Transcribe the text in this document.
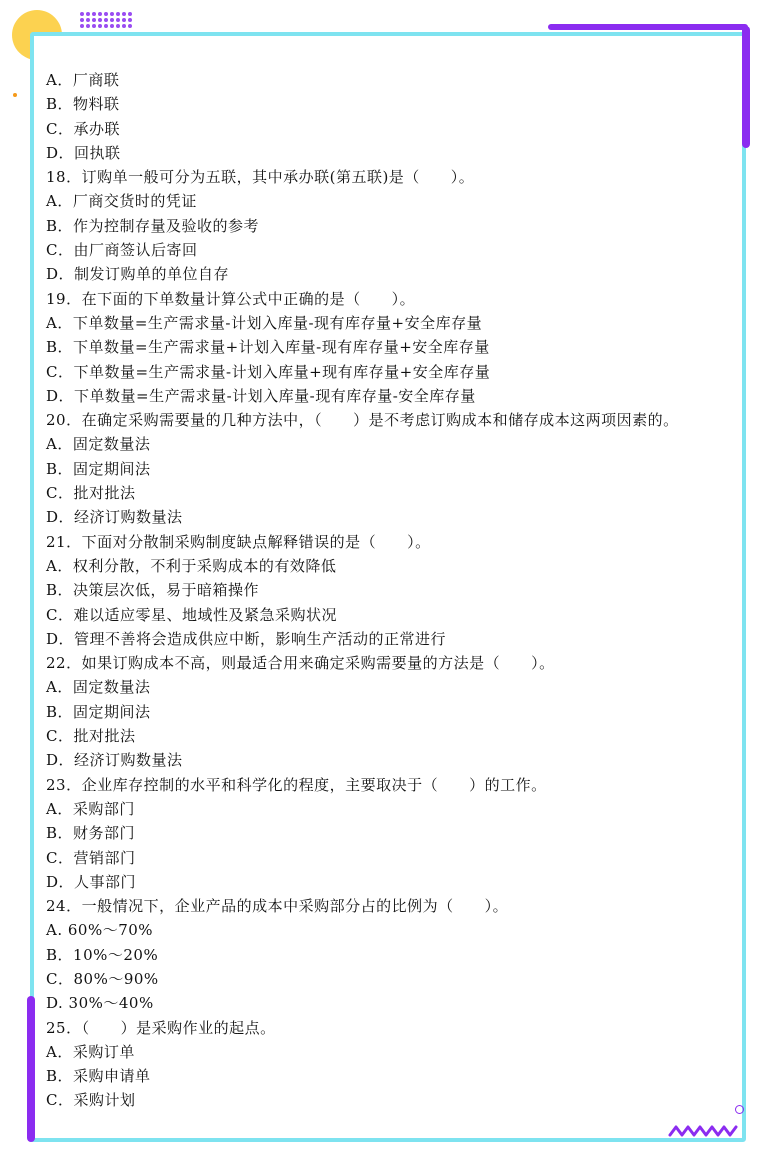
A．厂商联
B．物料联
C．承办联
D．回执联
18．订购单一般可分为五联，其中承办联(第五联)是（　　）。
A．厂商交货时的凭证
B．作为控制存量及验收的参考
C．由厂商签认后寄回
D．制发订购单的单位自存
19．在下面的下单数量计算公式中正确的是（　　）。
A．下单数量=生产需求量-计划入库量-现有库存量+安全库存量
B．下单数量=生产需求量+计划入库量-现有库存量+安全库存量
C．下单数量=生产需求量-计划入库量+现有库存量+安全库存量
D．下单数量=生产需求量-计划入库量-现有库存量-安全库存量
20．在确定采购需要量的几种方法中，（　　）是不考虑订购成本和储存成本这两项因素的。
A．固定数量法
B．固定期间法
C．批对批法
D．经济订购数量法
21．下面对分散制采购制度缺点解释错误的是（　　）。
A．权利分散，不利于采购成本的有效降低
B．决策层次低，易于暗箱操作
C．难以适应零星、地域性及紧急采购状况
D．管理不善将会造成供应中断，影响生产活动的正常进行
22．如果订购成本不高，则最适合用来确定采购需要量的方法是（　　）。
A．固定数量法
B．固定期间法
C．批对批法
D．经济订购数量法
23．企业库存控制的水平和科学化的程度，主要取决于（　　）的工作。
A．采购部门
B．财务部门
C．营销部门
D．人事部门
24．一般情况下，企业产品的成本中采购部分占的比例为（　　）。
A. 60%～70%
B．10%～20%
C．80%～90%
D. 30%～40%
25．（　　）是采购作业的起点。
A．采购订单
B．采购申请单
C．采购计划
